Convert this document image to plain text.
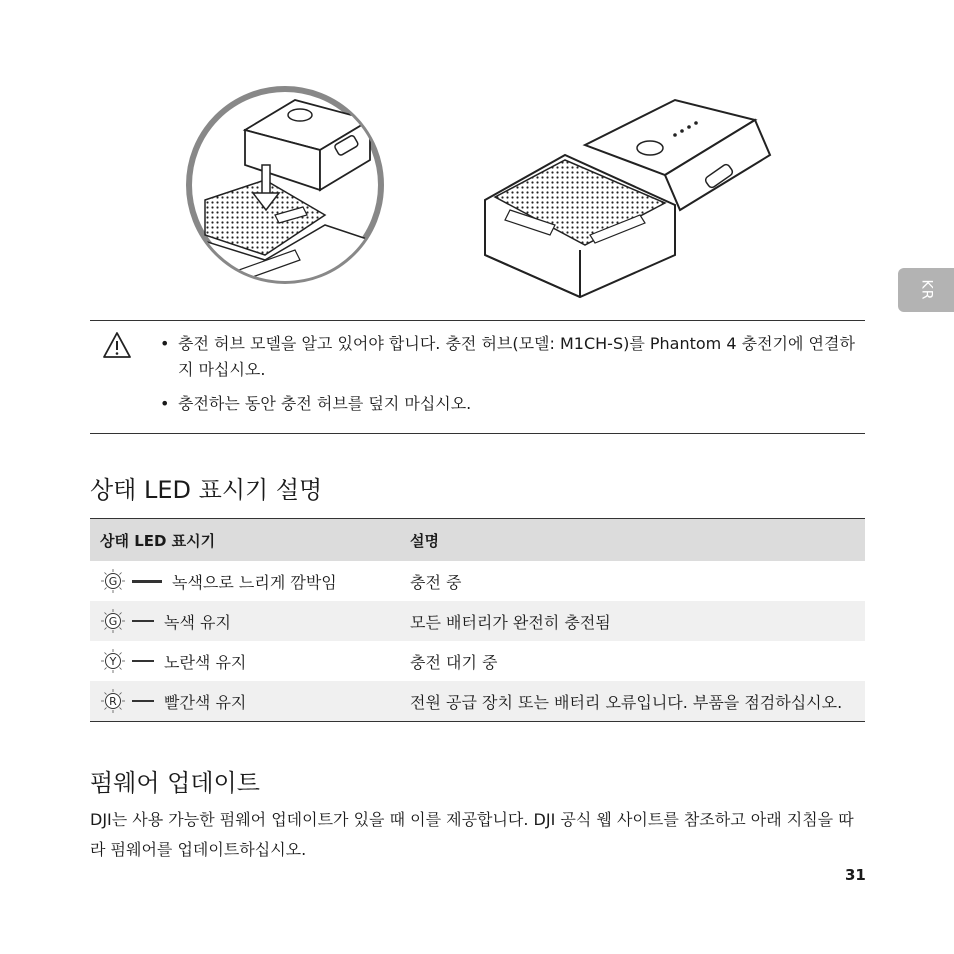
KR
• 충전 허브 모델을 알고 있어야 합니다. 충전 허브(모델: M1CH-S)를 Phantom 4 충전기에 연결하지 마십시오.
• 충전하는 동안 충전 허브를 덮지 마십시오.
상태 LED 표시기 설명
상태 LED 표시기	설명

G 녹색으로 느리게 깜박임	충전 중

G 녹색 유지	모든 배터리가 완전히 충전됨

Y 노란색 유지	충전 대기 중

R 빨간색 유지	전원 공급 장치 또는 배터리 오류입니다. 부품을 점검하십시오.
펌웨어 업데이트

DJI는 사용 가능한 펌웨어 업데이트가 있을 때 이를 제공합니다. DJI 공식 웹 사이트를 참조하고 아래 지침을 따라 펌웨어를 업데이트하십시오.

31
